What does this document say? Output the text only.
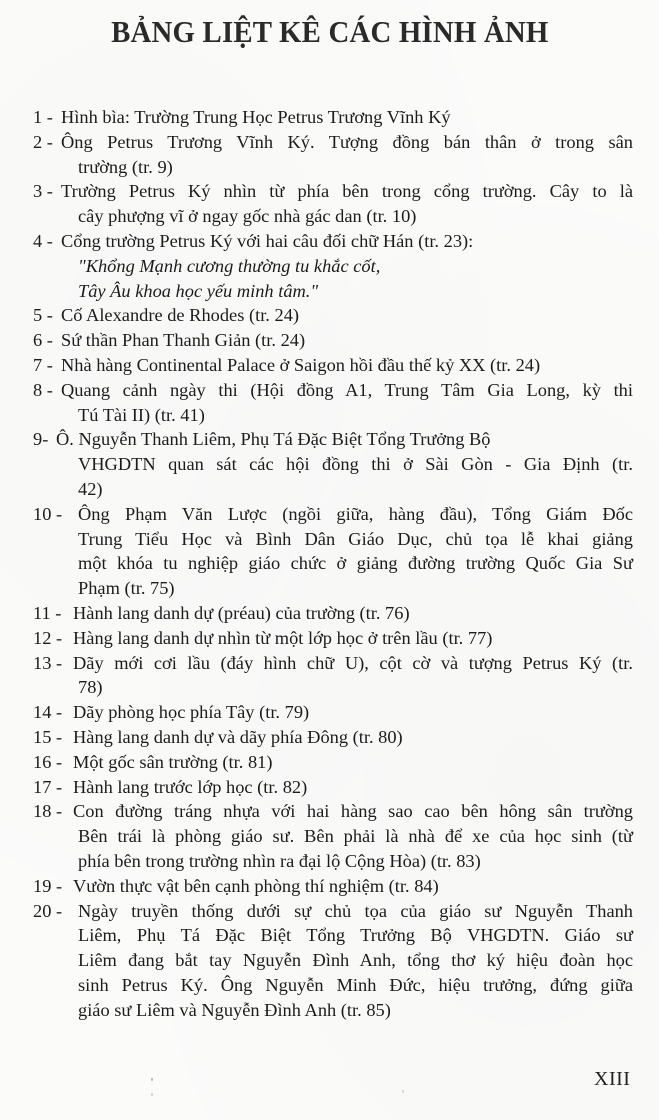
BẢNG LIỆT KÊ CÁC HÌNH ẢNH
1 - Hình bìa: Trường Trung Học Petrus Trương Vĩnh Ký
2 - Ông Petrus Trương Vĩnh Ký. Tượng đồng bán thân ở trong sân
trường (tr. 9)
3 - Trường Petrus Ký nhìn từ phía bên trong cổng trường. Cây to là
cây phượng vĩ ở ngay gốc nhà gác dan (tr. 10)
4 - Cổng trường Petrus Ký với hai câu đối chữ Hán (tr. 23):
"Khổng Mạnh cương thường tu khắc cốt,
Tây Âu khoa học yếu minh tâm."
5 - Cố Alexandre de Rhodes (tr. 24)
6 - Sứ thần Phan Thanh Giản (tr. 24)
7 - Nhà hàng Continental Palace ở Saigon hồi đầu thế kỷ XX (tr. 24)
8 - Quang cảnh ngày thi (Hội đồng A1, Trung Tâm Gia Long, kỳ thi
Tú Tài II) (tr. 41)
9- Ô. Nguyễn Thanh Liêm, Phụ Tá Đặc Biệt Tổng Trưởng Bộ
VHGDTN quan sát các hội đồng thi ở Sài Gòn - Gia Định (tr.
42)
10 - Ông Phạm Văn Lược (ngồi giữa, hàng đầu), Tổng Giám Đốc
Trung Tiểu Học và Bình Dân Giáo Dục, chủ tọa lễ khai giảng
một khóa tu nghiệp giáo chức ở giảng đường trường Quốc Gia Sư
Phạm (tr. 75)
11 - Hành lang danh dự (préau) của trường (tr. 76)
12 - Hàng lang danh dự nhìn từ một lớp học ở trên lầu (tr. 77)
13 - Dãy mới cơi lầu (đáy hình chữ U), cột cờ và tượng Petrus Ký (tr.
78)
14 - Dãy phòng học phía Tây (tr. 79)
15 - Hàng lang danh dự và dãy phía Đông (tr. 80)
16 - Một gốc sân trường (tr. 81)
17 - Hành lang trước lớp học (tr. 82)
18 - Con đường tráng nhựa với hai hàng sao cao bên hông sân trường
Bên trái là phòng giáo sư. Bên phải là nhà để xe của học sinh (từ
phía bên trong trường nhìn ra đại lộ Cộng Hòa) (tr. 83)
19 - Vườn thực vật bên cạnh phòng thí nghiệm (tr. 84)
20 - Ngày truyền thống dưới sự chủ tọa của giáo sư Nguyễn Thanh
Liêm, Phụ Tá Đặc Biệt Tổng Trưởng Bộ VHGDTN. Giáo sư
Liêm đang bắt tay Nguyễn Đình Anh, tổng thơ ký hiệu đoàn học
sinh Petrus Ký. Ông Nguyễn Minh Đức, hiệu trưởng, đứng giữa
giáo sư Liêm và Nguyễn Đình Anh (tr. 85)
XIII
